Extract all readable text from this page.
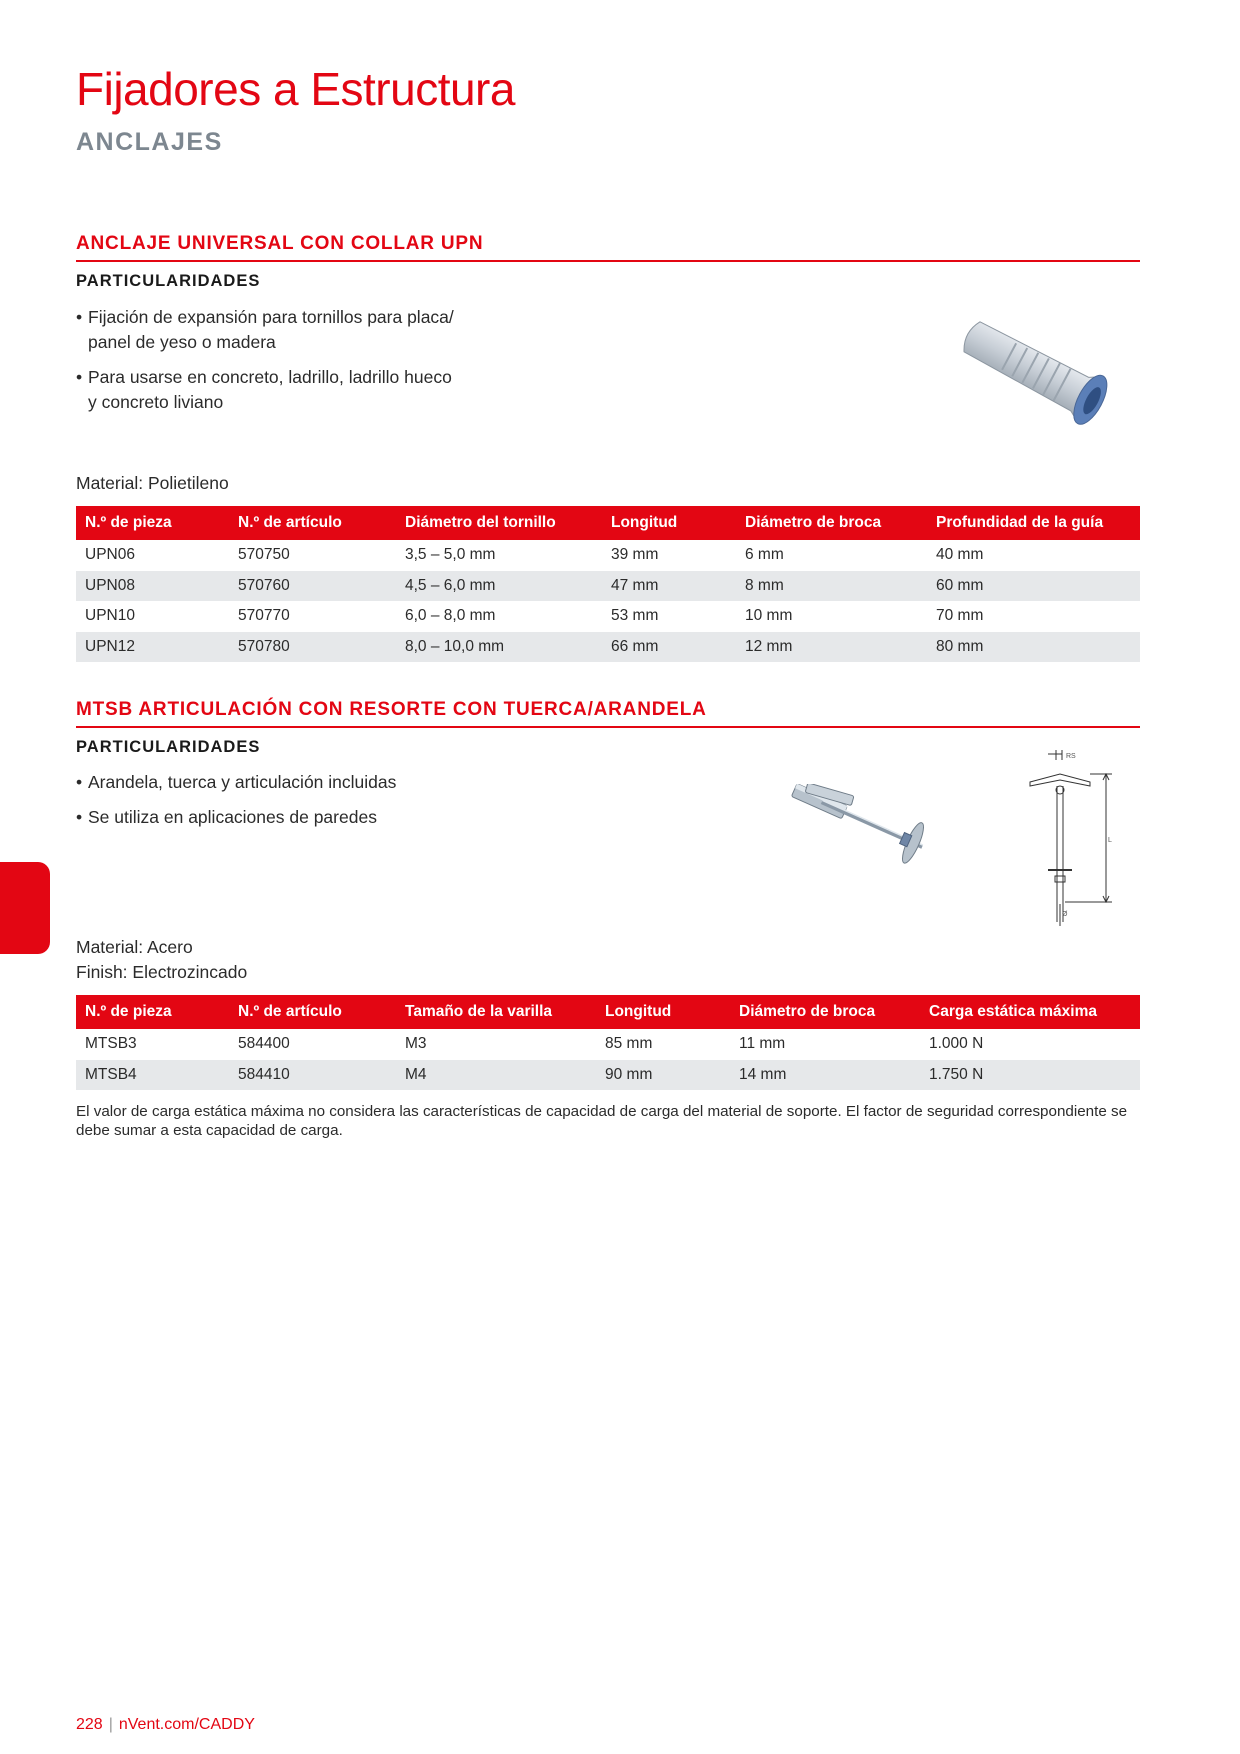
Fijadores a Estructura
ANCLAJES
ANCLAJE UNIVERSAL CON COLLAR UPN
PARTICULARIDADES
• Fijación de expansión para tornillos para placa/
panel de yeso o madera
• Para usarse en concreto, ladrillo, ladrillo hueco
y concreto liviano
Material: Polietileno
N.º de pieza	N.º de artículo	Diámetro del tornillo	Longitud	Diámetro de broca	Profundidad de la guía
UPN06	570750	3,5 – 5,0 mm	39 mm	6 mm	40 mm
UPN08	570760	4,5 – 6,0 mm	47 mm	8 mm	60 mm
UPN10	570770	6,0 – 8,0 mm	53 mm	10 mm	70 mm
UPN12	570780	8,0 – 10,0 mm	66 mm	12 mm	80 mm
MTSB ARTICULACIÓN CON RESORTE CON TUERCA/ARANDELA
PARTICULARIDADES
• Arandela, tuerca y articulación incluidas
• Se utiliza en aplicaciones de paredes
RS
L
Ø
Material: Acero
Finish: Electrozincado
N.º de pieza	N.º de artículo	Tamaño de la varilla	Longitud	Diámetro de broca	Carga estática máxima
MTSB3	584400	M3	85 mm	11 mm	1.000 N
MTSB4	584410	M4	90 mm	14 mm	1.750 N
El valor de carga estática máxima no considera las características de capacidad de carga del material de soporte. El factor de seguridad correspondiente se debe sumar a esta capacidad de carga.
228 | nVent.com/CADDY
